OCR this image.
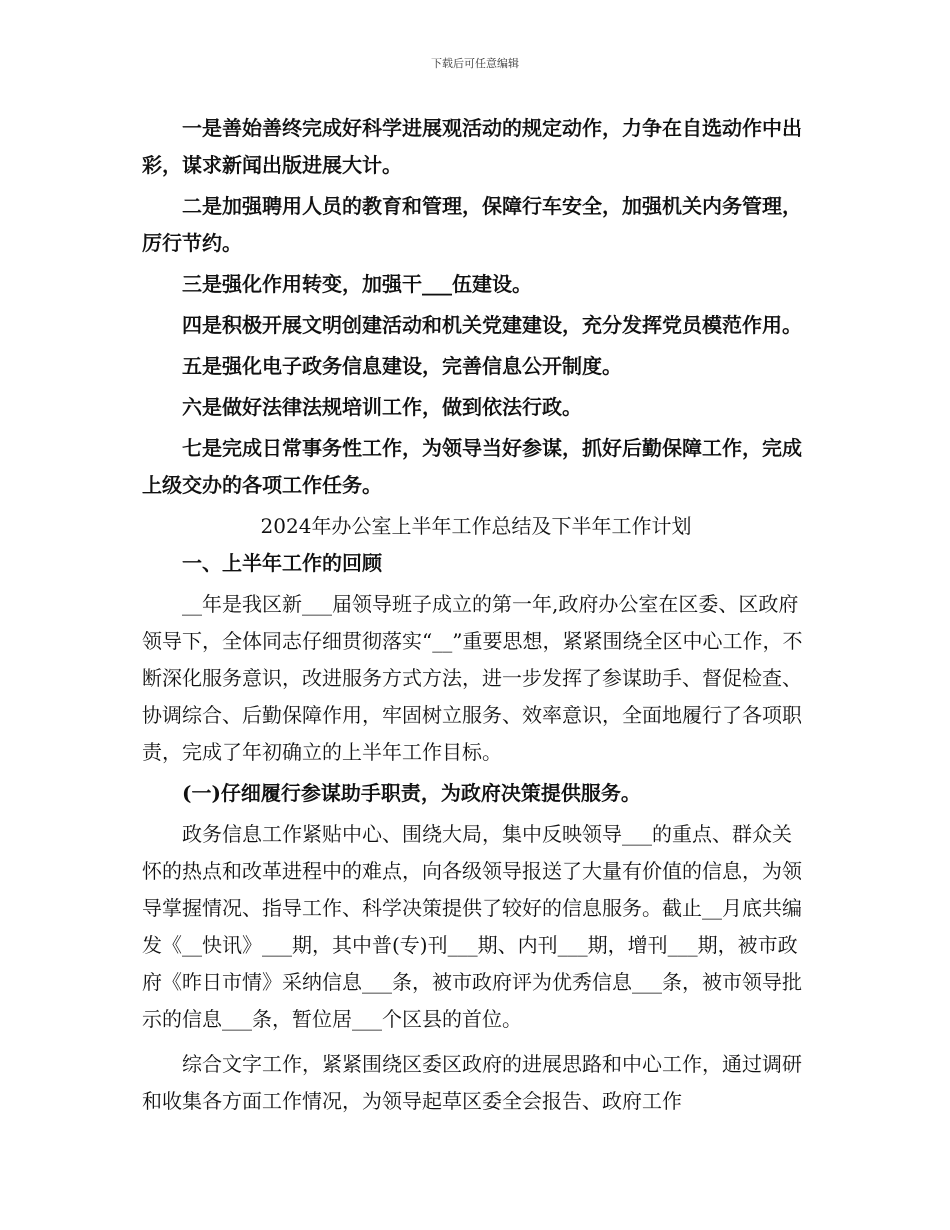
下载后可任意编辑

一是善始善终完成好科学进展观活动的规定动作，力争在自选动作中出彩，谋求新闻出版进展大计。

二是加强聘用人员的教育和管理，保障行车安全，加强机关内务管理，厉行节约。

三是强化作用转变，加强干___伍建设。

四是积极开展文明创建活动和机关党建建设，充分发挥党员模范作用。

五是强化电子政务信息建设，完善信息公开制度。

六是做好法律法规培训工作，做到依法行政。

七是完成日常事务性工作，为领导当好参谋，抓好后勤保障工作，完成上级交办的各项工作任务。

2024年办公室上半年工作总结及下半年工作计划

一、上半年工作的回顾

__年是我区新___届领导班子成立的第一年,政府办公室在区委、区政府领导下，全体同志仔细贯彻落实“__”重要思想，紧紧围绕全区中心工作，不断深化服务意识，改进服务方式方法，进一步发挥了参谋助手、督促检查、协调综合、后勤保障作用，牢固树立服务、效率意识，全面地履行了各项职责，完成了年初确立的上半年工作目标。

(一)仔细履行参谋助手职责，为政府决策提供服务。

政务信息工作紧贴中心、围绕大局，集中反映领导___的重点、群众关怀的热点和改革进程中的难点，向各级领导报送了大量有价值的信息，为领导掌握情况、指导工作、科学决策提供了较好的信息服务。截止__月底共编发《__快讯》___期，其中普(专)刊___期、内刊___期，增刊___期，被市政府《昨日市情》采纳信息___条，被市政府评为优秀信息___条，被市领导批示的信息___条，暂位居___个区县的首位。

综合文字工作，紧紧围绕区委区政府的进展思路和中心工作，通过调研和收集各方面工作情况，为领导起草区委全会报告、政府工作
